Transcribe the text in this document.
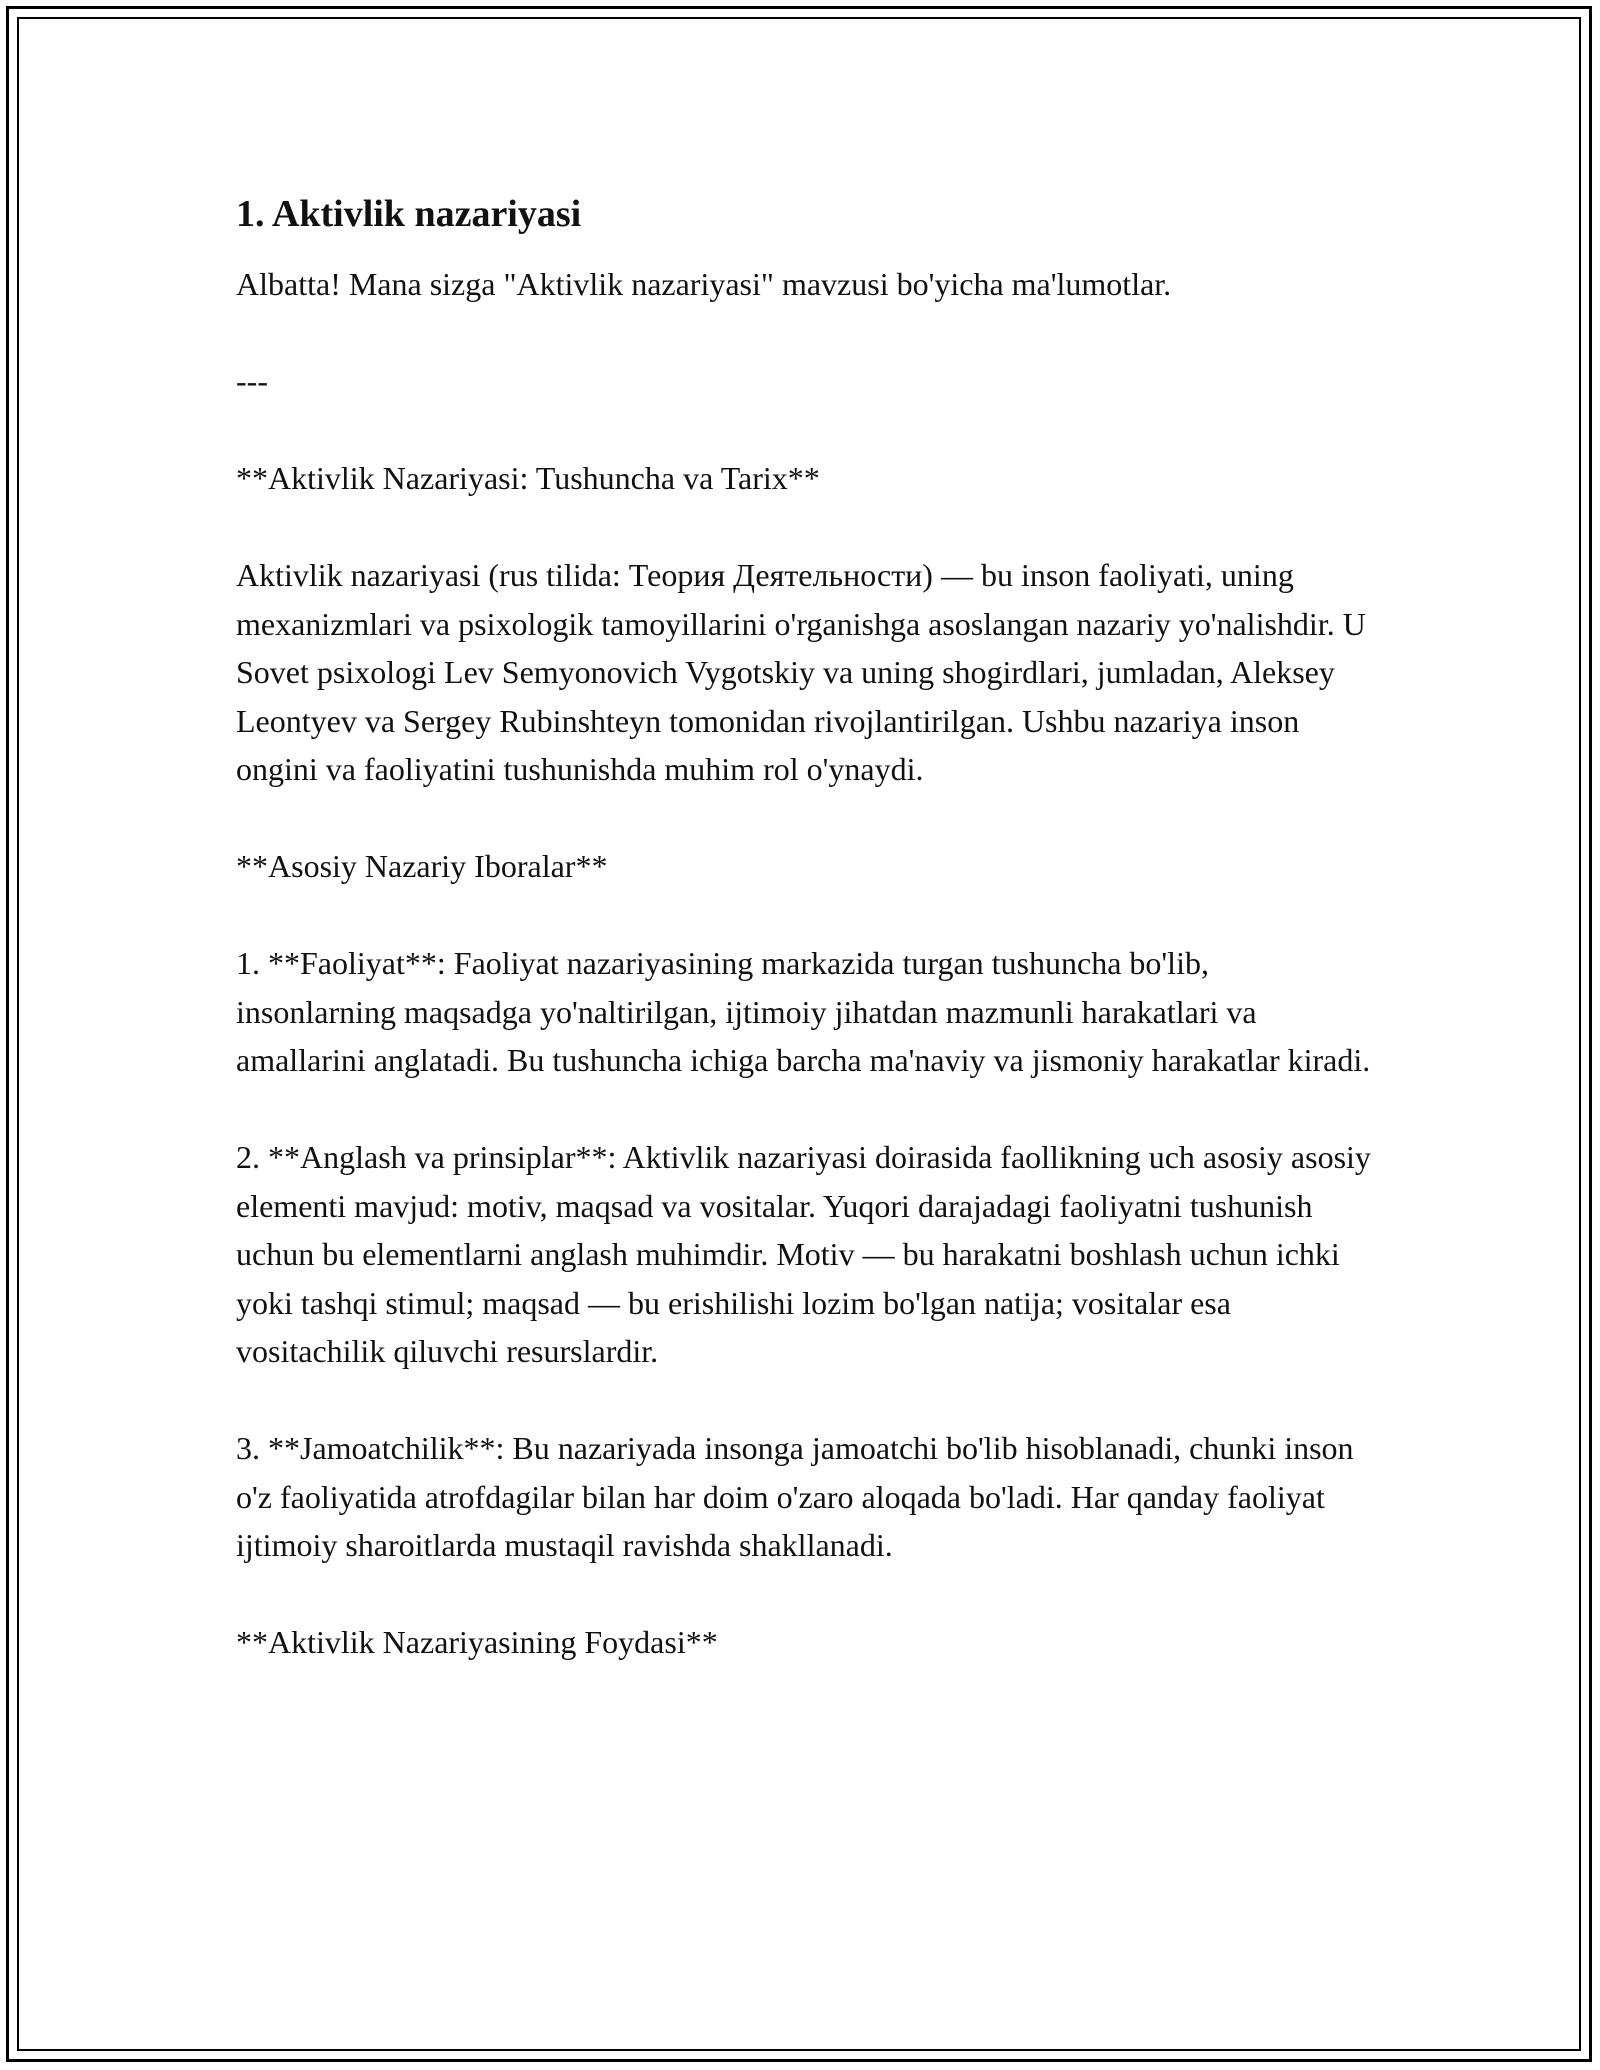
1. Aktivlik nazariyasi

Albatta! Mana sizga "Aktivlik nazariyasi" mavzusi bo'yicha ma'lumotlar.

---

**Aktivlik Nazariyasi: Tushuncha va Tarix**

Aktivlik nazariyasi (rus tilida: Теория Деятельности) — bu inson faoliyati, uning mexanizmlari va psixologik tamoyillarini o'rganishga asoslangan nazariy yo'nalishdir. U Sovet psixologi Lev Semyonovich Vygotskiy va uning shogirdlari, jumladan, Aleksey Leontyev va Sergey Rubinshteyn tomonidan rivojlantirilgan. Ushbu nazariya inson ongini va faoliyatini tushunishda muhim rol o'ynaydi.

**Asosiy Nazariy Iboralar**

1. **Faoliyat**: Faoliyat nazariyasining markazida turgan tushuncha bo'lib, insonlarning maqsadga yo'naltirilgan, ijtimoiy jihatdan mazmunli harakatlari va amallarini anglatadi. Bu tushuncha ichiga barcha ma'naviy va jismoniy harakatlar kiradi.

2. **Anglash va prinsiplar**: Aktivlik nazariyasi doirasida faollikning uch asosiy asosiy elementi mavjud: motiv, maqsad va vositalar. Yuqori darajadagi faoliyatni tushunish uchun bu elementlarni anglash muhimdir. Motiv — bu harakatni boshlash uchun ichki yoki tashqi stimul; maqsad — bu erishilishi lozim bo'lgan natija; vositalar esa vositachilik qiluvchi resurslardir.

3. **Jamoatchilik**: Bu nazariyada insonga jamoatchi bo'lib hisoblanadi, chunki inson o'z faoliyatida atrofdagilar bilan har doim o'zaro aloqada bo'ladi. Har qanday faoliyat ijtimoiy sharoitlarda mustaqil ravishda shakllanadi.

**Aktivlik Nazariyasining Foydasi**
